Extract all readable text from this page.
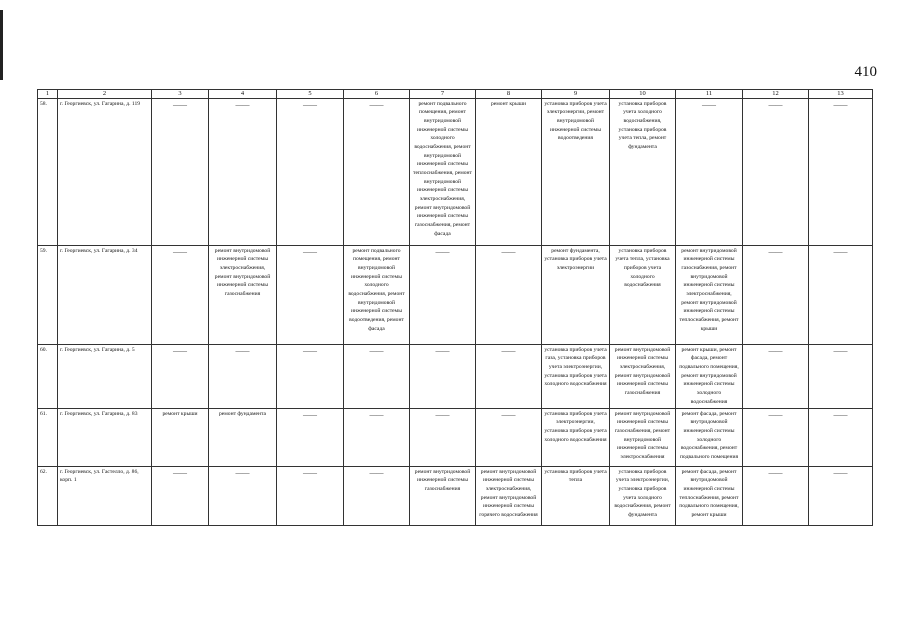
410
1	2	3	4	5	6	7	8	9	10	11	12	13
58.	г. Георгиевск, ул. Гагарина, д. 119	——	——	——	——	ремонт подвального помещения, ремонт внутридомовой инженерной системы холодного водоснабжения, ремонт внутридомовой инженерной системы теплоснабжения, ремонт внутридомовой инженерной системы электроснабжения, ремонт внутридомовой инженерной системы газоснабжения, ремонт фасада	ремонт крыши	установка приборов учета электроэнергии, ремонт внутридомовой инженерной системы водоотведения	установка приборов учета холодного водоснабжения, установка приборов учета тепла, ремонт фундамента	——	——	——

59.	г. Георгиевск, ул. Гагарина, д. 34	——	ремонт внутридомовой инженерной системы электроснабжения, ремонт внутридомовой инженерной системы газоснабжения	——	ремонт подвального помещения, ремонт внутридомовой инженерной системы холодного водоснабжения, ремонт внутридомовой инженерной системы водоотведения, ремонт фасада	——	——	ремонт фундамента, установка приборов учета электроэнергии	установка приборов учета тепла, установка приборов учета холодного водоснабжения	ремонт внутридомовой инженерной системы газоснабжения, ремонт внутридомовой инженерной системы электроснабжения, ремонт внутридомовой инженерной системы теплоснабжения, ремонт крыши	——	——

60.	г. Георгиевск, ул. Гагарина, д. 5	——	——	——	——	——	——	установка приборов учета газа, установка приборов учета электроэнергии, установка приборов учета холодного водоснабжения	ремонт внутридомовой инженерной системы электроснабжения, ремонт внутридомовой инженерной системы газоснабжения	ремонт крыши, ремонт фасада, ремонт подвального помещения, ремонт внутридомовой инженерной системы холодного водоснабжения	——	——

61.	г. Георгиевск, ул. Гагарина, д. 83	ремонт крыши	ремонт фундамента	——	——	——	——	установка приборов учета электроэнергии, установка приборов учета холодного водоснабжения	ремонт внутридомовой инженерной системы газоснабжения, ремонт внутридомовой инженерной системы электроснабжения	ремонт фасада, ремонт внутридомовой инженерной системы холодного водоснабжения, ремонт подвального помещения	——	——

62.	г. Георгиевск, ул. Гастелло, д. 86, корп. 1	——	——	——	——	ремонт внутридомовой инженерной системы газоснабжения	ремонт внутридомовой инженерной системы электроснабжения, ремонт внутридомовой инженерной системы горячего водоснабжения	установка приборов учета тепла	установка приборов учета электроэнергии, установка приборов учета холодного водоснабжения, ремонт фундамента	ремонт фасада, ремонт внутридомовой инженерной системы теплоснабжения, ремонт подвального помещения, ремонт крыши	——	——
